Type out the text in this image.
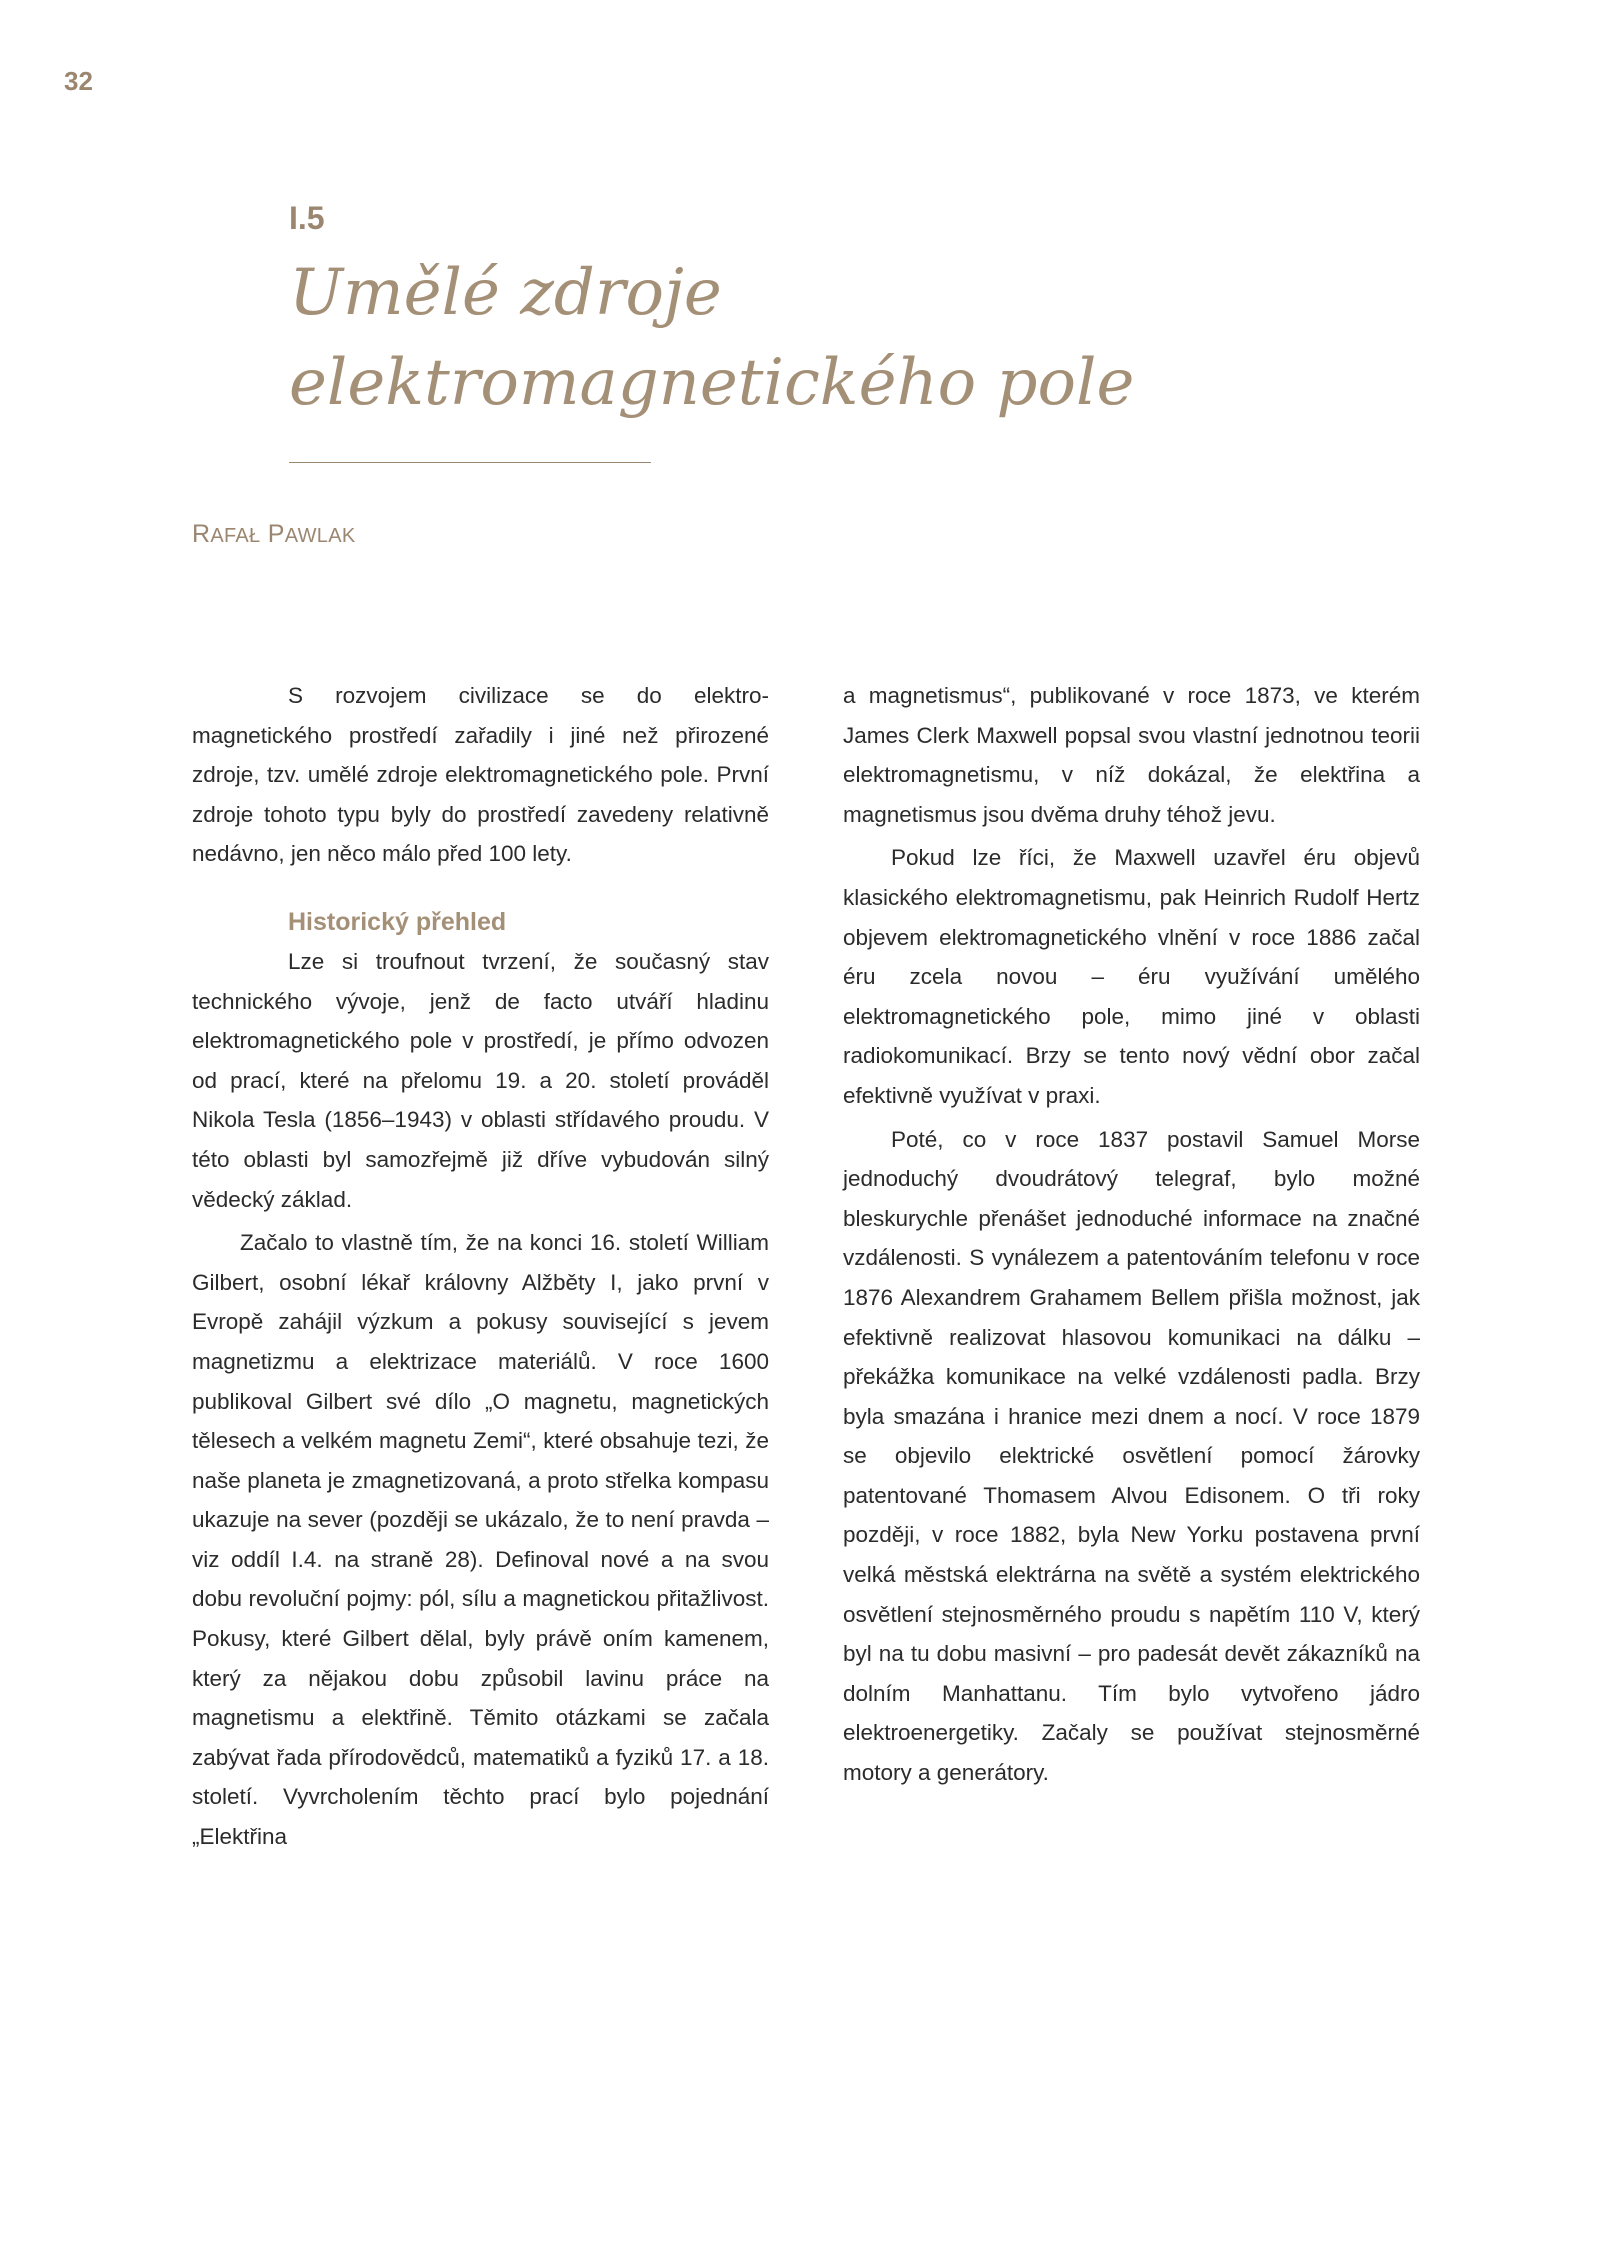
32
I.5
Umělé zdroje
elektromagnetického pole
RAFAŁ PAWLAK

S rozvojem civilizace se do elektromagnetického prostředí zařadily i jiné než přirozené zdroje, tzv. umělé zdroje elektromagnetického pole. První zdroje tohoto typu byly do prostředí zavedeny relativně nedávno, jen něco málo před 100 lety.

Historický přehled

Lze si troufnout tvrzení, že současný stav technického vývoje, jenž de facto utváří hladinu elektromagnetického pole v prostředí, je přímo odvozen od prací, které na přelomu 19. a 20. století prováděl Nikola Tesla (1856–1943) v oblasti střídavého proudu. V této oblasti byl samozřejmě již dříve vybudován silný vědecký základ.

Začalo to vlastně tím, že na konci 16. století William Gilbert, osobní lékař královny Alžběty I, jako první v Evropě zahájil výzkum a pokusy související s jevem magnetizmu a elektrizace materiálů. V roce 1600 publikoval Gilbert své dílo „O magnetu, magnetických tělesech a velkém magnetu Zemi“, které obsahuje tezi, že naše planeta je zmagnetizovaná, a proto střelka kompasu ukazuje na sever (později se ukázalo, že to není pravda – viz oddíl I.4. na straně 28). Definoval nové a na svou dobu revoluční pojmy: pól, sílu a magnetickou přitažlivost. Pokusy, které Gilbert dělal, byly právě oním kamenem, který za nějakou dobu způsobil lavinu práce na magnetismu a elektřině. Těmito otázkami se začala zabývat řada přírodovědců, matematiků a fyziků 17. a 18. století. Vyvrcholením těchto prací bylo pojednání „Elektřina

a magnetismus“, publikované v roce 1873, ve kterém James Clerk Maxwell popsal svou vlastní jednotnou teorii elektromagnetismu, v níž dokázal, že elektřina a magnetismus jsou dvěma druhy téhož jevu.

Pokud lze říci, že Maxwell uzavřel éru objevů klasického elektromagnetismu, pak Heinrich Rudolf Hertz objevem elektromagnetického vlnění v roce 1886 začal éru zcela novou – éru využívání umělého elektromagnetického pole, mimo jiné v oblasti radiokomunikací. Brzy se tento nový vědní obor začal efektivně využívat v praxi.

Poté, co v roce 1837 postavil Samuel Morse jednoduchý dvoudrátový telegraf, bylo možné bleskurychle přenášet jednoduché informace na značné vzdálenosti. S vynálezem a patentováním telefonu v roce 1876 Alexandrem Grahamem Bellem přišla možnost, jak efektivně realizovat hlasovou komunikaci na dálku – překážka komunikace na velké vzdálenosti padla. Brzy byla smazána i hranice mezi dnem a nocí. V roce 1879 se objevilo elektrické osvětlení pomocí žárovky patentované Thomasem Alvou Edisonem. O tři roky později, v roce 1882, byla New Yorku postavena první velká městská elektrárna na světě a systém elektrického osvětlení stejnosměrného proudu s napětím 110 V, který byl na tu dobu masivní – pro padesát devět zákazníků na dolním Manhattanu. Tím bylo vytvořeno jádro elektroenergetiky. Začaly se používat stejnosměrné motory a generátory.
